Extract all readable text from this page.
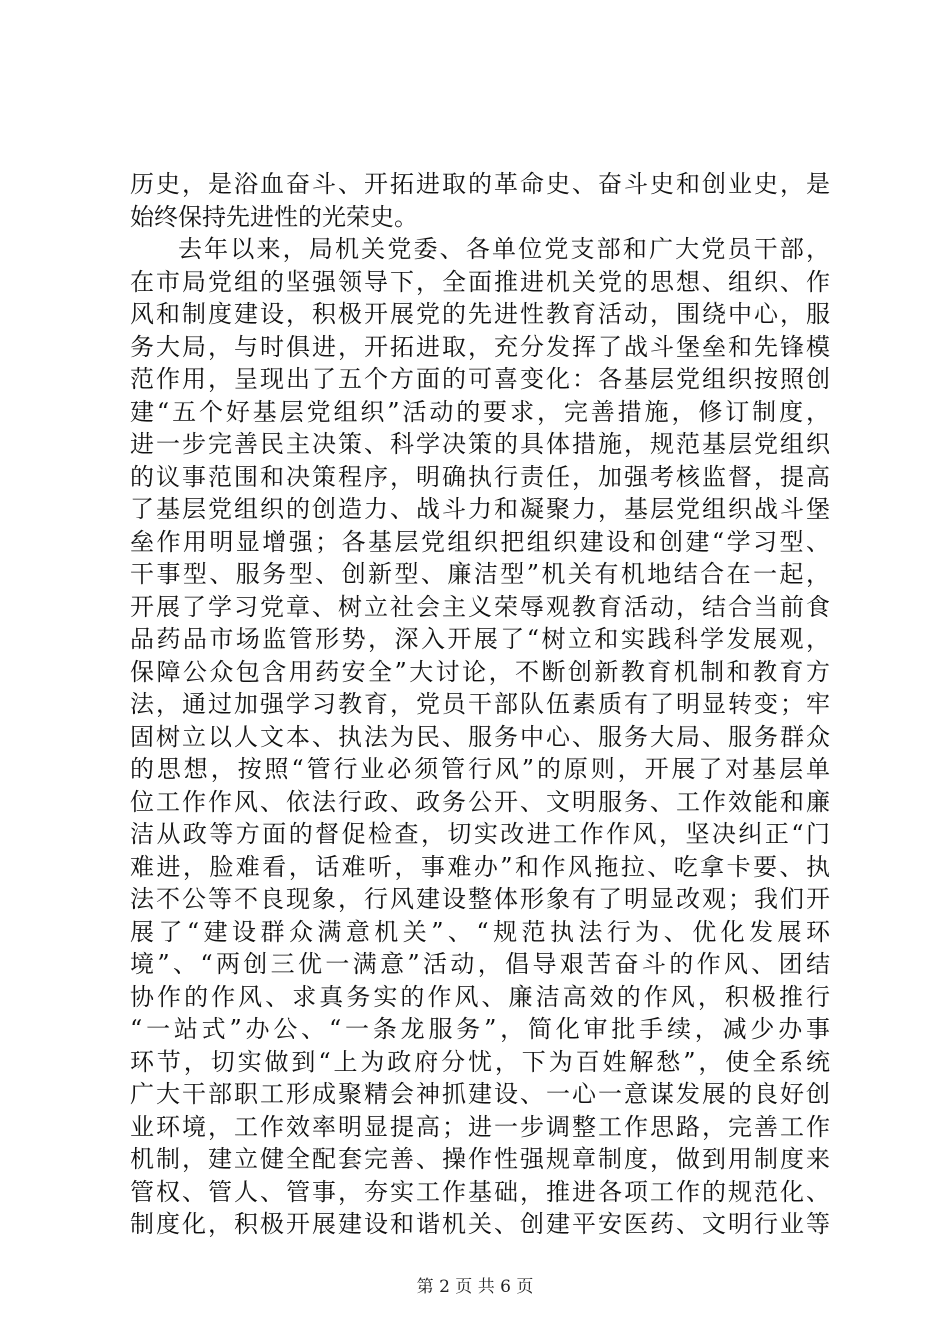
历史，是浴血奋斗、开拓进取的革命史、奋斗史和创业史，是
始终保持先进性的光荣史。
去年以来，局机关党委、各单位党支部和广大党员干部，
在市局党组的坚强领导下，全面推进机关党的思想、组织、作
风和制度建设，积极开展党的先进性教育活动，围绕中心，服
务大局，与时俱进，开拓进取，充分发挥了战斗堡垒和先锋模
范作用，呈现出了五个方面的可喜变化：各基层党组织按照创
建“五个好基层党组织”活动的要求，完善措施，修订制度，
进一步完善民主决策、科学决策的具体措施，规范基层党组织
的议事范围和决策程序，明确执行责任，加强考核监督，提高
了基层党组织的创造力、战斗力和凝聚力，基层党组织战斗堡
垒作用明显增强；各基层党组织把组织建设和创建“学习型、
干事型、服务型、创新型、廉洁型”机关有机地结合在一起，
开展了学习党章、树立社会主义荣辱观教育活动，结合当前食
品药品市场监管形势，深入开展了“树立和实践科学发展观，
保障公众包含用药安全”大讨论，不断创新教育机制和教育方
法，通过加强学习教育，党员干部队伍素质有了明显转变；牢
固树立以人文本、执法为民、服务中心、服务大局、服务群众
的思想，按照“管行业必须管行风”的原则，开展了对基层单
位工作作风、依法行政、政务公开、文明服务、工作效能和廉
洁从政等方面的督促检查，切实改进工作作风，坚决纠正“门
难进，脸难看，话难听，事难办”和作风拖拉、吃拿卡要、执
法不公等不良现象，行风建设整体形象有了明显改观；我们开
展了“建设群众满意机关”、“规范执法行为、优化发展环
境”、“两创三优一满意”活动，倡导艰苦奋斗的作风、团结
协作的作风、求真务实的作风、廉洁高效的作风，积极推行
“一站式”办公、“一条龙服务”，简化审批手续，减少办事
环节，切实做到“上为政府分忧，下为百姓解愁”，使全系统
广大干部职工形成聚精会神抓建设、一心一意谋发展的良好创
业环境，工作效率明显提高；进一步调整工作思路，完善工作
机制，建立健全配套完善、操作性强规章制度，做到用制度来
管权、管人、管事，夯实工作基础，推进各项工作的规范化、
制度化，积极开展建设和谐机关、创建平安医药、文明行业等
第 2 页 共 6 页
